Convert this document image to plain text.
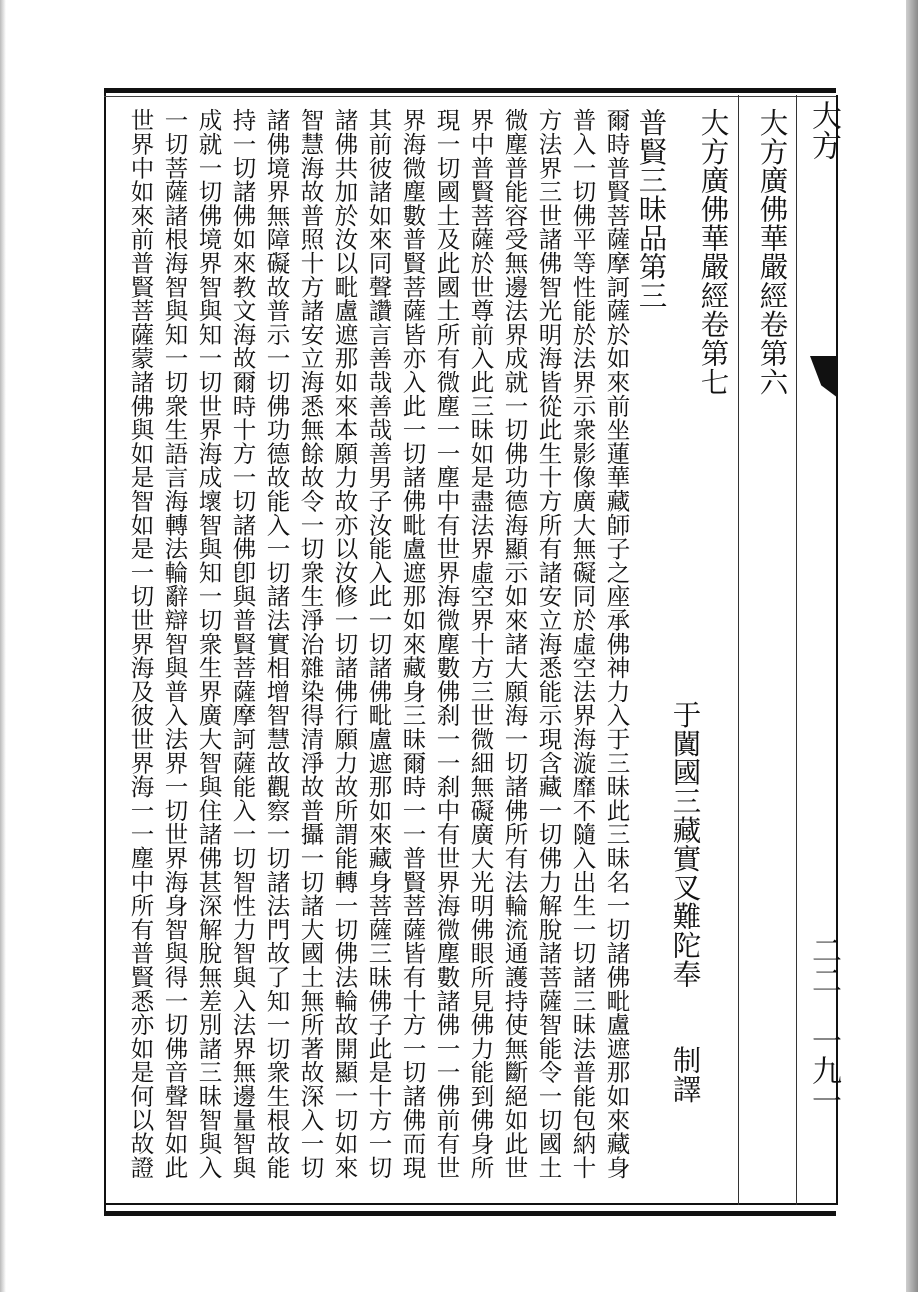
大方
二二　一九一
大方廣佛華嚴經卷第六
大方廣佛華嚴經卷第七
于闐國三藏實叉難陀奉　　制譯
普賢三昧品第三
爾時普賢菩薩摩訶薩於如來前坐蓮華藏師子之座承佛神力入于三昧此三昧名一切諸佛毗盧遮那如來藏身
普入一切佛平等性能於法界示衆影像廣大無礙同於虛空法界海漩靡不隨入出生一切諸三昧法普能包納十
方法界三世諸佛智光明海皆從此生十方所有諸安立海悉能示現含藏一切佛力解脫諸菩薩智能令一切國土
微塵普能容受無邊法界成就一切佛功德海顯示如來諸大願海一切諸佛所有法輪流通護持使無斷絕如此世
界中普賢菩薩於世尊前入此三昧如是盡法界虛空界十方三世微細無礙廣大光明佛眼所見佛力能到佛身所
現一切國土及此國土所有微塵一一塵中有世界海微塵數佛刹一一刹中有世界海微塵數諸佛一一佛前有世
界海微塵數普賢菩薩皆亦入此一切諸佛毗盧遮那如來藏身三昧爾時一一普賢菩薩皆有十方一切諸佛而現
其前彼諸如來同聲讚言善哉善哉善男子汝能入此一切諸佛毗盧遮那如來藏身菩薩三昧佛子此是十方一切
諸佛共加於汝以毗盧遮那如來本願力故亦以汝修一切諸佛行願力故所謂能轉一切佛法輪故開顯一切如來
智慧海故普照十方諸安立海悉無餘故令一切衆生淨治雜染得清淨故普攝一切諸大國土無所著故深入一切
諸佛境界無障礙故普示一切佛功德故能入一切諸法實相增智慧故觀察一切諸法門故了知一切衆生根故能
持一切諸佛如來教文海故爾時十方一切諸佛卽與普賢菩薩摩訶薩能入一切智性力智與入法界無邊量智與
成就一切佛境界智與知一切世界海成壞智與知一切衆生界廣大智與住諸佛甚深解脫無差別諸三昧智與入
一切菩薩諸根海智與知一切衆生語言海轉法輪辭辯智與普入法界一切世界海身智與得一切佛音聲智如此
世界中如來前普賢菩薩蒙諸佛與如是智如是一切世界海及彼世界海一一塵中所有普賢悉亦如是何以故證
